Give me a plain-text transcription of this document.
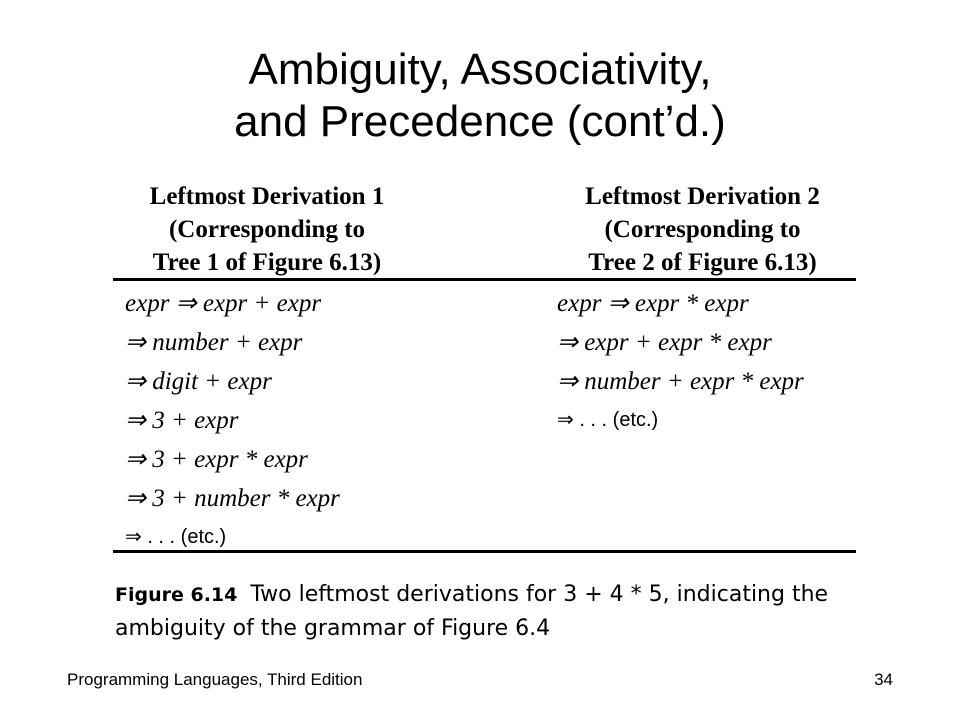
Ambiguity, Associativity,
and Precedence (cont’d.)
Leftmost Derivation 1
(Corresponding to
Tree 1 of Figure 6.13)
Leftmost Derivation 2
(Corresponding to
Tree 2 of Figure 6.13)
expr ⇒ expr + expr
⇒ number + expr
⇒ digit + expr
⇒ 3 + expr
⇒ 3 + expr * expr
⇒ 3 + number * expr
⇒ . . . (etc.)
expr ⇒ expr * expr
⇒ expr + expr * expr
⇒ number + expr * expr
⇒ . . . (etc.)
Figure 6.14 Two leftmost derivations for 3 + 4 * 5, indicating the ambiguity of the grammar of Figure 6.4
Programming Languages, Third Edition	34
